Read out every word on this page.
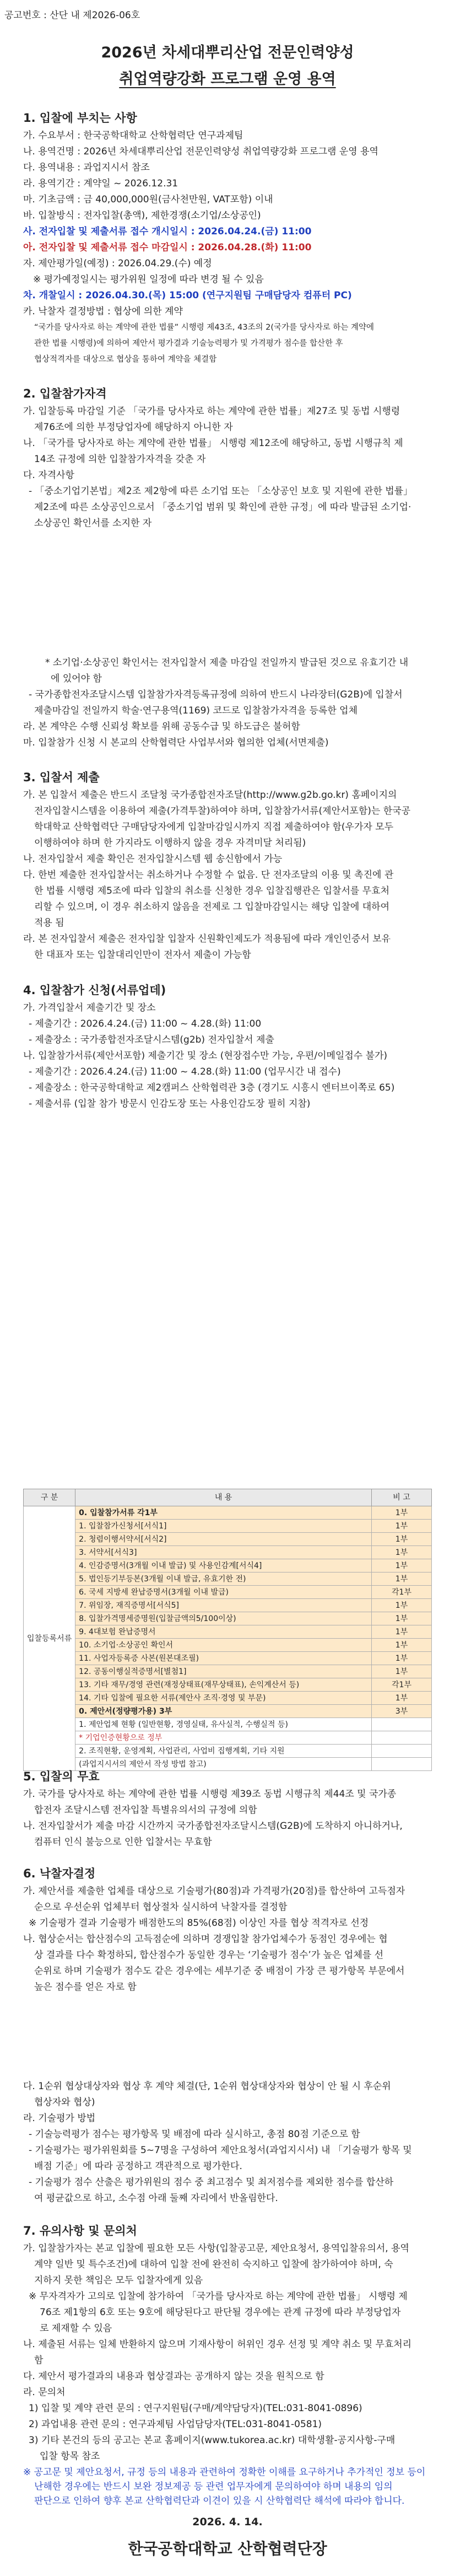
공고번호 : 산단 내 제2026-06호
2026년 차세대뿌리산업 전문인력양성
취업역량강화 프로그램 운영 용역
1. 입찰에 부치는 사항
가. 수요부서 : 한국공학대학교 산학협력단 연구과제팀
나. 용역건명 : 2026년 차세대뿌리산업 전문인력양성 취업역량강화 프로그램 운영 용역
다. 용역내용 : 과업지시서 참조
라. 용역기간 : 계약일 ~ 2026.12.31
마. 기초금액 : 금 40,000,000원(금사천만원, VAT포함) 이내
바. 입찰방식 : 전자입찰(총액), 제한경쟁(소기업/소상공인)
사. 전자입찰 및 제출서류 접수 개시일시 : 2026.04.24.(금) 11:00
아. 전자입찰 및 제출서류 접수 마감일시 : 2026.04.28.(화) 11:00
자. 제안평가일(예정) : 2026.04.29.(수) 예정
※ 평가예정일시는 평가위원 일정에 따라 변경 될 수 있음
차. 개찰일시 : 2026.04.30.(목) 15:00 (연구지원팀 구매담당자 컴퓨터 PC)
카. 낙찰자 결정방법 : 협상에 의한 계약
“국가를 당사자로 하는 계약에 관한 법률” 시행령 제43조, 43조의 2(국가를 당사자로 하는 계약에
관한 법률 시행령)에 의하여 제안서 평가결과 기술능력평가 및 가격평가 점수를 합산한 후
협상적격자를 대상으로 협상을 통하여 계약을 체결함
2. 입찰참가자격
가. 입찰등록 마감일 기준 「국가를 당사자로 하는 계약에 관한 법률」제27조 및 동법 시행령
제76조에 의한 부정당업자에 해당하지 아니한 자
나. 「국가를 당사자로 하는 계약에 관한 법률」 시행령 제12조에 해당하고, 동법 시행규칙 제
14조 규정에 의한 입찰참가자격을 갖춘 자
다. 자격사항
- 「중소기업기본법」제2조 제2항에 따른 소기업 또는 「소상공인 보호 및 지원에 관한 법률」
제2조에 따른 소상공인으로서 「중소기업 범위 및 확인에 관한 규정」에 따라 발급된 소기업·
소상공인 확인서를 소지한 자
* 소기업·소상공인 확인서는 전자입찰서 제출 마감일 전일까지 발급된 것으로 유효기간 내
에 있어야 함
- 국가종합전자조달시스템 입찰참가자격등록규정에 의하여 반드시 나라장터(G2B)에 입찰서
제출마감일 전일까지 학술·연구용역(1169) 코드로 입찰참가자격을 등록한 업체
라. 본 계약은 수행 신뢰성 확보를 위해 공동수급 및 하도급은 불허함
마. 입찰참가 신청 시 본교의 산학협력단 사업부서와 협의한 업체(서면제출)
3. 입찰서 제출
가. 본 입찰서 제출은 반드시 조달청 국가종합전자조달(http://www.g2b.go.kr) 홈페이지의
전자입찰시스템을 이용하여 제출(가격투찰)하여야 하며, 입찰참가서류(제안서포함)는 한국공
학대학교 산학협력단 구매담당자에게 입찰마감일시까지 직접 제출하여야 함(우가자 모두
이행하여야 하며 한 가지라도 이행하지 않을 경우 자격미달 처리됨)
나. 전자입찰서 제출 확인은 전자입찰시스템 웹 송신함에서 가능
다. 한번 제출한 전자입찰서는 취소하거나 수정할 수 없음. 단 전자조달의 이용 및 촉진에 관
한 법률 시행령 제5조에 따라 입찰의 취소를 신청한 경우 입찰집행관은 입찰서를 무효처
리할 수 있으며, 이 경우 취소하지 않음을 전제로 그 입찰마감일시는 해당 입찰에 대하여
적용 됨
라. 본 전자입찰서 제출은 전자입찰 입찰자 신원확인제도가 적용됨에 따라 개인인증서 보유
한 대표자 또는 입찰대리인만이 전자서 제출이 가능함
4. 입찰참가 신청(서류업데)
가. 가격입찰서 제출기간 및 장소
- 제출기간 : 2026.4.24.(금) 11:00 ~ 4.28.(화) 11:00
- 제출장소 : 국가종합전자조달시스템(g2b) 전자입찰서 제출
나. 입찰참가서류(제안서포함) 제출기간 및 장소 (현장접수만 가능, 우편/이메일접수 불가)
- 제출기간 : 2026.4.24.(금) 11:00 ~ 4.28.(화) 11:00 (업무시간 내 접수)
- 제출장소 : 한국공학대학교 제2캠퍼스 산학협력관 3층 (경기도 시흥시 엔터브이쪽로 65)
- 제출서류 (입찰 참가 방문시 인감도장 또는 사용인감도장 필히 지참)
구 분	내 용	비 고
입찰등록서류	0. 입찰참가서류 각1부	1부
	1. 입찰참가신청서[서식1]	1부
	2. 청렴이행서약서[서식2]	1부
	3. 서약서[서식3]	1부
	4. 인감증명서(3개월 이내 발급) 및 사용인감계[서식4]	1부
	5. 법인등기부등본(3개월 이내 발급, 유효기한 전)	1부
	6. 국세 지방세 완납증명서(3개월 이내 발급)	각1부
	7. 위임장, 재직증명서[서식5]	1부
	8. 입찰가격명세증명원(입찰금액의5/100이상)	1부
	9. 4대보험 완납증명서	1부
	10. 소기업·소상공인 확인서	1부
	11. 사업자등록증 사본(원본대조필)	1부
	12. 공동이행실적증명서[별첨1]	1부
	13. 기타 재무/경영 관련(재정상태표(재무상태표), 손익계산서 등)	각1부
	14. 기타 입찰에 필요한 서류(제안사 조직·경영 및 부문)	1부
	0. 제안서(정량평가용) 3부	3부
	1. 제안업체 현황 (일반현황, 경영실태, 유사실적, 수행실적 등)	
	* 기업인증현황으로 정부	
	2. 조직현황, 운영계획, 사업관리, 사업비 집행계획, 기타 지원	
	(과업지시서의 제안서 작성 방법 참고)	
5. 입찰의 무효
가. 국가를 당사자로 하는 계약에 관한 법률 시행령 제39조 동법 시행규칙 제44조 및 국가종
합전자 조달시스템 전자입찰 특별유의서의 규정에 의함
나. 전자입찰서가 제출 마감 시간까지 국가종합전자조달시스템(G2B)에 도착하지 아니하거나,
컴퓨터 인식 불능으로 인한 입찰서는 무효함
6. 낙찰자결정
가. 제안서를 제출한 업체를 대상으로 기술평가(80점)과 가격평가(20점)를 합산하여 고득점자
순으로 우선순위 업체부터 협상절차 실시하여 낙찰자를 결정함
※ 기술평가 결과 기술평가 배점한도의 85%(68점) 이상인 자를 협상 적격자로 선정
나. 협상순서는 합산점수의 고득점순에 의하며 경쟁입찰 참가업체수가 동점인 경우에는 협
상 결과를 다수 확정하되, 합산점수가 동일한 경우는 ‘기술평가 점수’가 높은 업체를 선
순위로 하며 기술평가 점수도 같은 경우에는 세부기준 중 배점이 가장 큰 평가항목 부문에서
높은 점수를 얻은 자로 함
다. 1순위 협상대상자와 협상 후 계약 체결(단, 1순위 협상대상자와 협상이 안 될 시 후순위
협상자와 협상)
라. 기술평가 방법
- 기술능력평가 점수는 평가항목 및 배점에 따라 실시하고, 총점 80점 기준으로 함
- 기술평가는 평가위원회를 5~7명을 구성하여 제안요청서(과업지시서) 내 「기술평가 항목 및
배점 기준」에 따라 공정하고 객관적으로 평가한다.
- 기술평가 점수 산출은 평가위원의 점수 중 최고점수 및 최저점수를 제외한 점수를 합산하
여 평균값으로 하고, 소수점 아래 둘째 자리에서 반올림한다.
7. 유의사항 및 문의처
가. 입찰참가자는 본교 입찰에 필요한 모든 사항(입찰공고문, 제안요청서, 용역입찰유의서, 용역
계약 일반 및 특수조건)에 대하여 입찰 전에 완전히 숙지하고 입찰에 참가하여야 하며, 숙
지하지 못한 책임은 모두 입찰자에게 있음
※ 무자격자가 고의로 입찰에 참가하여 「국가를 당사자로 하는 계약에 관한 법률」 시행령 제
76조 제1항의 6호 또는 9호에 해당된다고 판단될 경우에는 관계 규정에 따라 부정당업자
로 제재할 수 있음
나. 제출된 서류는 일체 반환하지 않으며 기재사항이 허위인 경우 선정 및 계약 취소 및 무효처리
함
다. 제안서 평가결과의 내용과 협상결과는 공개하지 않는 것을 원칙으로 함
라. 문의처
1) 입찰 및 계약 관련 문의 : 연구지원팀(구매/계약담당자)(TEL:031-8041-0896)
2) 과업내용 관련 문의 : 연구과제팀 사업담당자(TEL:031-8041-0581)
3) 기타 본건의 등의 공고는 본교 홈페이지(www.tukorea.ac.kr) 대학생활-공지사항-구매
입찰 항목 참조
※ 공고문 및 제안요청서, 규정 등의 내용과 관련하여 정확한 이해를 요구하거나 추가적인 정보 등이
난해한 경우에는 반드시 보완 정보제공 등 관련 업무자에게 문의하여야 하며 내용의 임의
판단으로 인하여 향후 본교 산학협력단과 이견이 있을 시 산학협력단 해석에 따라야 합니다.
2026. 4. 14.
한국공학대학교 산학협력단장
